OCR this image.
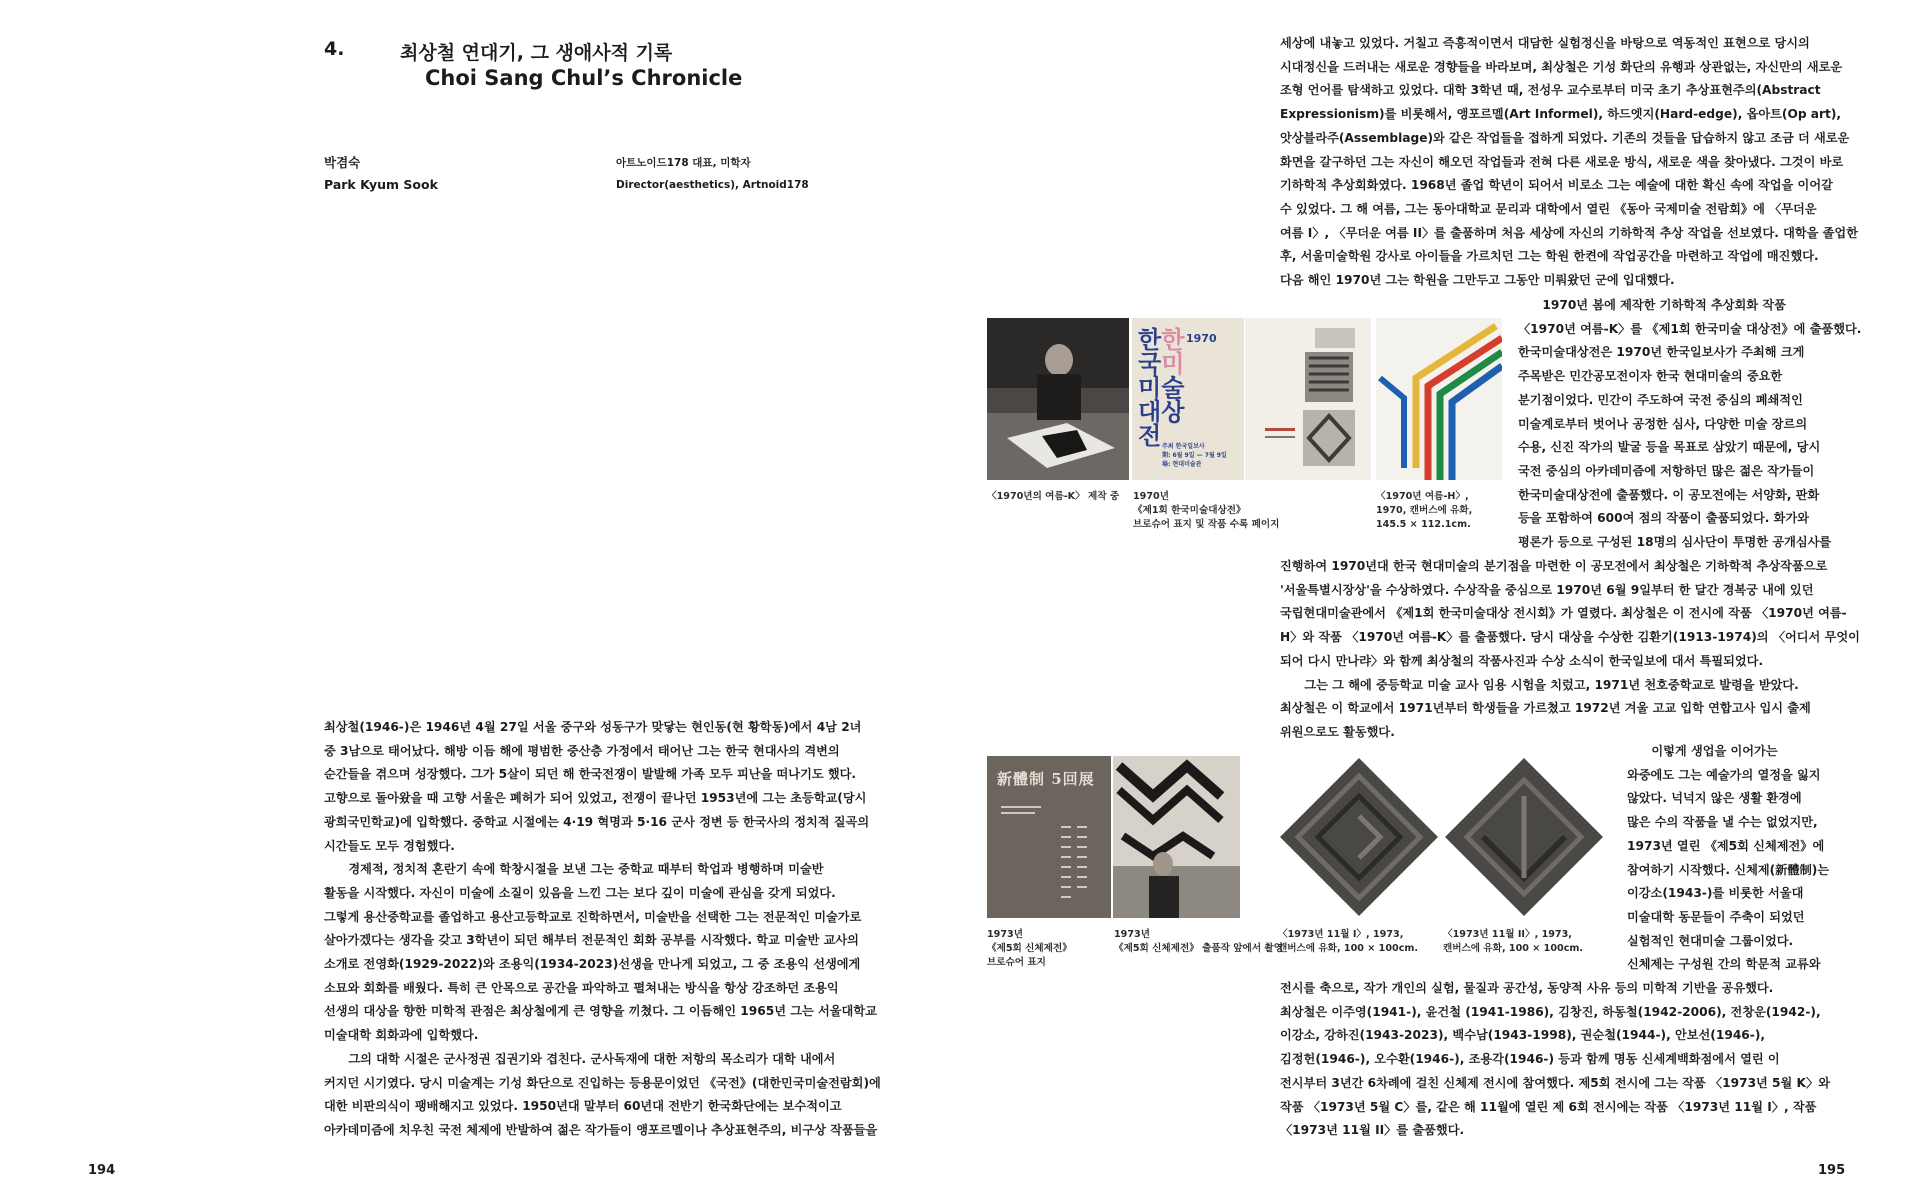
4.	최상철 연대기, 그 생애사적 기록
Choi Sang Chul’s Chronicle
박겸숙
Park Kyum Sook
아트노이드178 대표, 미학자
Director(aesthetics), Artnoid178

최상철(1946-)은 1946년 4월 27일 서울 중구와 성동구가 맞닿는 현인동(현 황학동)에서 4남 2녀

중 3남으로 태어났다. 해방 이듬 해에 평범한 중산층 가정에서 태어난 그는 한국 현대사의 격변의

순간들을 겪으며 성장했다. 그가 5살이 되던 해 한국전쟁이 발발해 가족 모두 피난을 떠나기도 했다.

고향으로 돌아왔을 때 고향 서울은 폐허가 되어 있었고, 전쟁이 끝나던 1953년에 그는 초등학교(당시

광희국민학교)에 입학했다. 중학교 시절에는 4·19 혁명과 5·16 군사 정변 등 한국사의 정치적 질곡의

시간들도 모두 경험했다.

경제적, 정치적 혼란기 속에 학창시절을 보낸 그는 중학교 때부터 학업과 병행하며 미술반

활동을 시작했다. 자신이 미술에 소질이 있음을 느낀 그는 보다 깊이 미술에 관심을 갖게 되었다.

그렇게 용산중학교를 졸업하고 용산고등학교로 진학하면서, 미술반을 선택한 그는 전문적인 미술가로

살아가겠다는 생각을 갖고 3학년이 되던 해부터 전문적인 회화 공부를 시작했다. 학교 미술반 교사의

소개로 전영화(1929-2022)와 조용익(1934-2023)선생을 만나게 되었고, 그 중 조용익 선생에게

소묘와 회화를 배웠다. 특히 큰 안목으로 공간을 파악하고 펼쳐내는 방식을 항상 강조하던 조용익

선생의 대상을 향한 미학적 관점은 최상철에게 큰 영향을 끼쳤다. 그 이듬해인 1965년 그는 서울대학교

미술대학 회화과에 입학했다.

그의 대학 시절은 군사정권 집권기와 겹친다. 군사독재에 대한 저항의 목소리가 대학 내에서

커지던 시기였다. 당시 미술계는 기성 화단으로 진입하는 등용문이었던 《국전》(대한민국미술전람회)에

대한 비판의식이 팽배해지고 있었다. 1950년대 말부터 60년대 전반기 한국화단에는 보수적이고

아카데미즘에 치우친 국전 체제에 반발하여 젊은 작가들이 앵포르멜이나 추상표현주의, 비구상 작품들을

세상에 내놓고 있었다. 거칠고 즉흥적이면서 대담한 실험정신을 바탕으로 역동적인 표현으로 당시의

시대정신을 드러내는 새로운 경향들을 바라보며, 최상철은 기성 화단의 유행과 상관없는, 자신만의 새로운

조형 언어를 탐색하고 있었다. 대학 3학년 때, 전성우 교수로부터 미국 초기 추상표현주의(Abstract

Expressionism)를 비롯해서, 앵포르멜(Art Informel), 하드엣지(Hard-edge), 옵아트(Op art),

앗상블라주(Assemblage)와 같은 작업들을 접하게 되었다. 기존의 것들을 답습하지 않고 조금 더 새로운

화면을 갈구하던 그는 자신이 해오던 작업들과 전혀 다른 새로운 방식, 새로운 색을 찾아냈다. 그것이 바로

기하학적 추상회화였다. 1968년 졸업 학년이 되어서 비로소 그는 예술에 대한 확신 속에 작업을 이어갈

수 있었다. 그 해 여름, 그는 동아대학교 문리과 대학에서 열린 《동아 국제미술 전람회》에 〈무더운

여름 I〉, 〈무더운 여름 II〉를 출품하며 처음 세상에 자신의 기하학적 추상 작업을 선보였다. 대학을 졸업한

후, 서울미술학원 강사로 아이들을 가르치던 그는 학원 한켠에 작업공간을 마련하고 작업에 매진했다.

다음 해인 1970년 그는 학원을 그만두고 그동안 미뤄왔던 군에 입대했다.

1970
한한
국미
미술
대상
전 주최 한국일보사
期: 6월 9일 — 7월 9일
場: 현대미술관
〈1970년의 여름-K〉 제작 중 1970년
《제1회 한국미술대상전》
브로슈어 표지 및 작품 수록 페이지
〈1970년 여름-H〉,
1970, 캔버스에 유화,
145.5 × 112.1cm.

1970년 봄에 제작한 기하학적 추상회화 작품

〈1970년 여름-K〉를 《제1회 한국미술 대상전》에 출품했다.

한국미술대상전은 1970년 한국일보사가 주최해 크게

주목받은 민간공모전이자 한국 현대미술의 중요한

분기점이었다. 민간이 주도하여 국전 중심의 폐쇄적인

미술계로부터 벗어나 공정한 심사, 다양한 미술 장르의

수용, 신진 작가의 발굴 등을 목표로 삼았기 때문에, 당시

국전 중심의 아카데미즘에 저항하던 많은 젊은 작가들이

한국미술대상전에 출품했다. 이 공모전에는 서양화, 판화

등을 포함하여 600여 점의 작품이 출품되었다. 화가와

평론가 등으로 구성된 18명의 심사단이 투명한 공개심사를

진행하여 1970년대 한국 현대미술의 분기점을 마련한 이 공모전에서 최상철은 기하학적 추상작품으로

'서울특별시장상'을 수상하였다. 수상작을 중심으로 1970년 6월 9일부터 한 달간 경복궁 내에 있던

국립현대미술관에서 《제1회 한국미술대상 전시회》가 열렸다. 최상철은 이 전시에 작품 〈1970년 여름-

H〉와 작품 〈1970년 여름-K〉를 출품했다. 당시 대상을 수상한 김환기(1913-1974)의 〈어디서 무엇이

되어 다시 만나랴〉와 함께 최상철의 작품사진과 수상 소식이 한국일보에 대서 특필되었다.

그는 그 해에 중등학교 미술 교사 임용 시험을 치렀고, 1971년 천호중학교로 발령을 받았다.

최상철은 이 학교에서 1971년부터 학생들을 가르쳤고 1972년 겨울 고교 입학 연합고사 입시 출제

위원으로도 활동했다.

新體制 5回展
1973년
《제5회 신체제전》
브로슈어 표지
1973년
《제5회 신체제전》 출품작 앞에서 촬영
〈1973년 11월 I〉, 1973,
캔버스에 유화, 100 × 100cm.
〈1973년 11월 II〉, 1973,
캔버스에 유화, 100 × 100cm.

이렇게 생업을 이어가는

와중에도 그는 예술가의 열정을 잃지

않았다. 넉넉지 않은 생활 환경에

많은 수의 작품을 낼 수는 없었지만,

1973년 열린 《제5회 신체제전》에

참여하기 시작했다. 신체제(新體制)는

이강소(1943-)를 비롯한 서울대

미술대학 동문들이 주축이 되었던

실험적인 현대미술 그룹이었다.

신체제는 구성원 간의 학문적 교류와

전시를 축으로, 작가 개인의 실험, 물질과 공간성, 동양적 사유 등의 미학적 기반을 공유했다.

최상철은 이주영(1941-), 윤건철 (1941-1986), 김창진, 하동철(1942-2006), 전창운(1942-),

이강소, 강하진(1943-2023), 백수남(1943-1998), 권순철(1944-), 안보선(1946-),

김정헌(1946-), 오수환(1946-), 조용각(1946-) 등과 함께 명동 신세계백화점에서 열린 이

전시부터 3년간 6차례에 걸친 신체제 전시에 참여했다. 제5회 전시에 그는 작품 〈1973년 5월 K〉와

작품 〈1973년 5월 C〉를, 같은 해 11월에 열린 제 6회 전시에는 작품 〈1973년 11월 I〉, 작품

〈1973년 11월 II〉를 출품했다.

194	195
